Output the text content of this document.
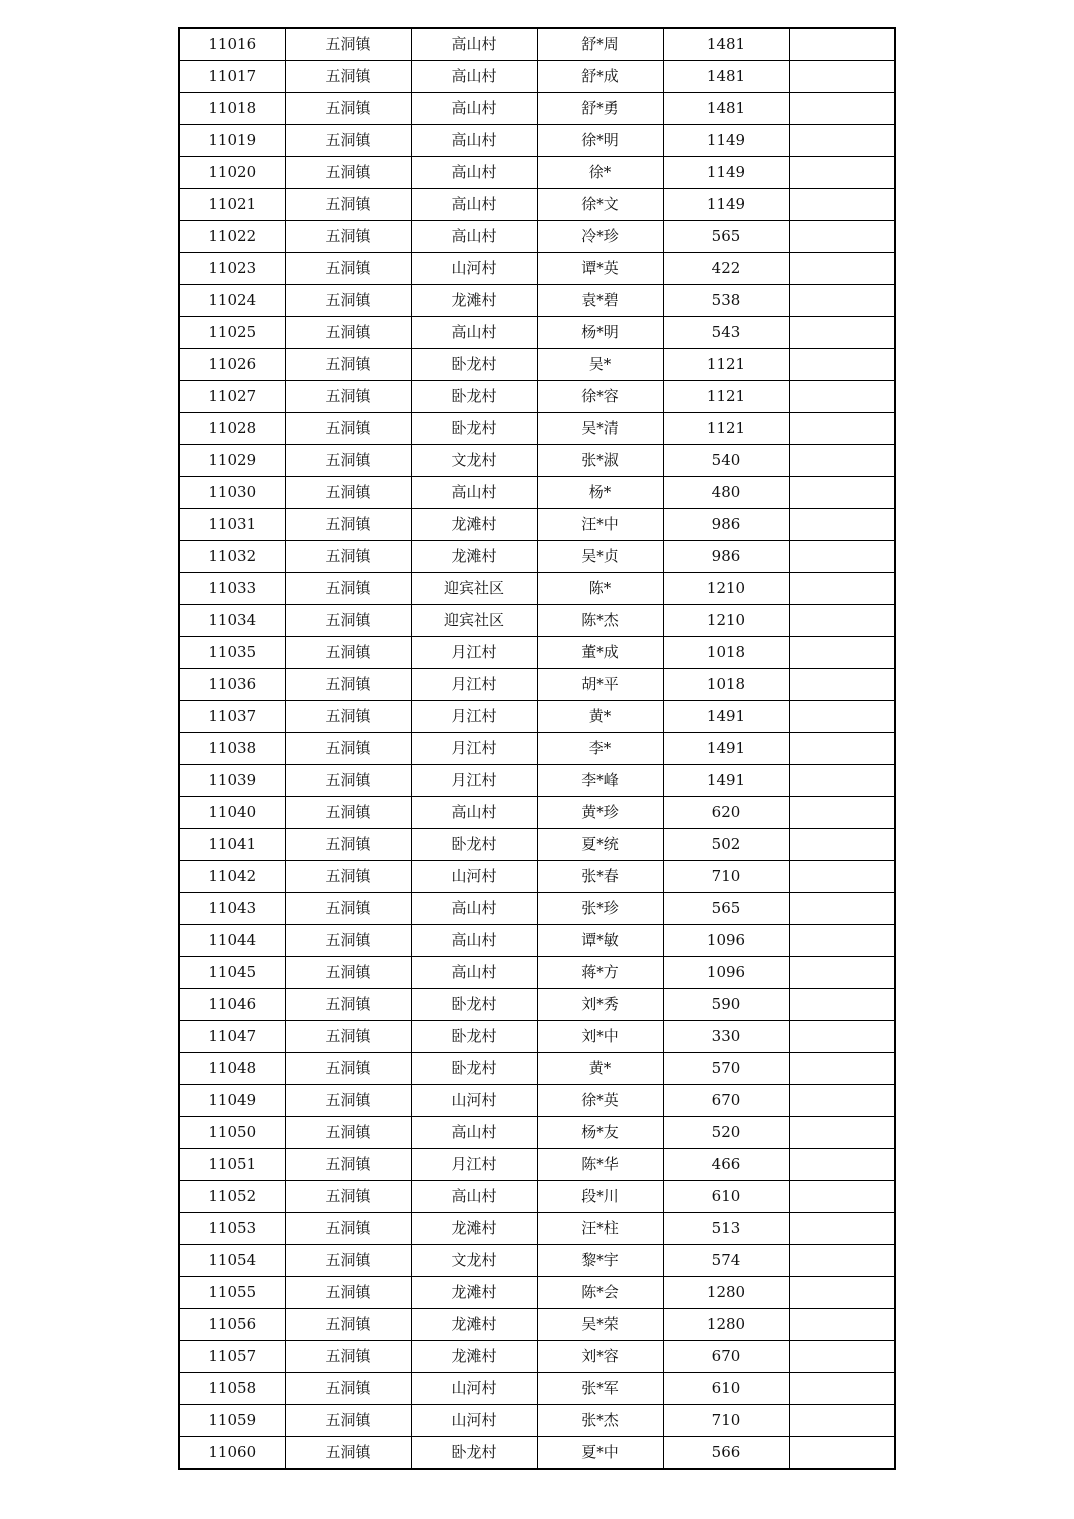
11016	五洞镇	高山村	舒*周	1481	
11017	五洞镇	高山村	舒*成	1481	
11018	五洞镇	高山村	舒*勇	1481	
11019	五洞镇	高山村	徐*明	1149	
11020	五洞镇	高山村	徐*	1149	
11021	五洞镇	高山村	徐*文	1149	
11022	五洞镇	高山村	冷*珍	565	
11023	五洞镇	山河村	谭*英	422	
11024	五洞镇	龙滩村	袁*碧	538	
11025	五洞镇	高山村	杨*明	543	
11026	五洞镇	卧龙村	吴*	1121	
11027	五洞镇	卧龙村	徐*容	1121	
11028	五洞镇	卧龙村	吴*清	1121	
11029	五洞镇	文龙村	张*淑	540	
11030	五洞镇	高山村	杨*	480	
11031	五洞镇	龙滩村	汪*中	986	
11032	五洞镇	龙滩村	吴*贞	986	
11033	五洞镇	迎宾社区	陈*	1210	
11034	五洞镇	迎宾社区	陈*杰	1210	
11035	五洞镇	月江村	董*成	1018	
11036	五洞镇	月江村	胡*平	1018	
11037	五洞镇	月江村	黄*	1491	
11038	五洞镇	月江村	李*	1491	
11039	五洞镇	月江村	李*峰	1491	
11040	五洞镇	高山村	黄*珍	620	
11041	五洞镇	卧龙村	夏*统	502	
11042	五洞镇	山河村	张*春	710	
11043	五洞镇	高山村	张*珍	565	
11044	五洞镇	高山村	谭*敏	1096	
11045	五洞镇	高山村	蒋*方	1096	
11046	五洞镇	卧龙村	刘*秀	590	
11047	五洞镇	卧龙村	刘*中	330	
11048	五洞镇	卧龙村	黄*	570	
11049	五洞镇	山河村	徐*英	670	
11050	五洞镇	高山村	杨*友	520	
11051	五洞镇	月江村	陈*华	466	
11052	五洞镇	高山村	段*川	610	
11053	五洞镇	龙滩村	汪*柱	513	
11054	五洞镇	文龙村	黎*宇	574	
11055	五洞镇	龙滩村	陈*会	1280	
11056	五洞镇	龙滩村	吴*荣	1280	
11057	五洞镇	龙滩村	刘*容	670	
11058	五洞镇	山河村	张*军	610	
11059	五洞镇	山河村	张*杰	710	
11060	五洞镇	卧龙村	夏*中	566	
